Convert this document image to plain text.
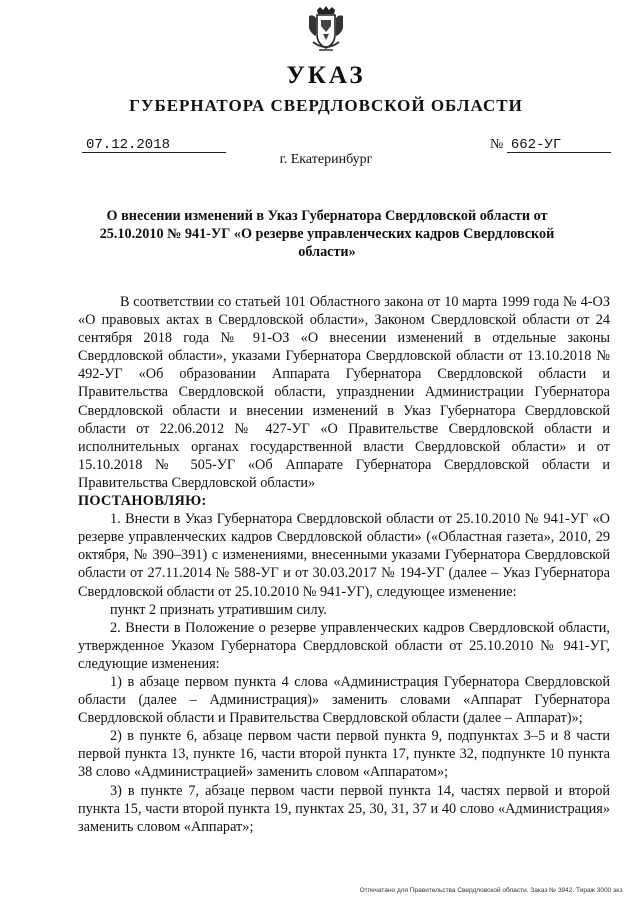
УКАЗ
ГУБЕРНАТОРА СВЕРДЛОВСКОЙ ОБЛАСТИ
07.12.2018	№ 662-УГ
г. Екатеринбург
О внесении изменений в Указ Губернатора Свердловской области от 25.10.2010 № 941-УГ «О резерве управленческих кадров Свердловской области»

В соответствии со статьей 101 Областного закона от 10 марта 1999 года № 4-ОЗ «О правовых актах в Свердловской области», Законом Свердловской области от 24 сентября 2018 года № 91-ОЗ «О внесении изменений в отдельные законы Свердловской области», указами Губернатора Свердловской области от 13.10.2018 № 492-УГ «Об образовании Аппарата Губернатора Свердловской области и Правительства Свердловской области, упразднении Администрации Губернатора Свердловской области и внесении изменений в Указ Губернатора Свердловской области от 22.06.2012 № 427-УГ «О Правительстве Свердловской области и исполнительных органах государственной власти Свердловской области» и от 15.10.2018 № 505-УГ «Об Аппарате Губернатора Свердловской области и Правительства Свердловской области»

ПОСТАНОВЛЯЮ:

1. Внести в Указ Губернатора Свердловской области от 25.10.2010 № 941-УГ «О резерве управленческих кадров Свердловской области» («Областная газета», 2010, 29 октября, № 390–391) с изменениями, внесенными указами Губернатора Свердловской области от 27.11.2014 № 588-УГ и от 30.03.2017 № 194-УГ (далее – Указ Губернатора Свердловской области от 25.10.2010 № 941-УГ), следующее изменение:

пункт 2 признать утратившим силу.

2. Внести в Положение о резерве управленческих кадров Свердловской области, утвержденное Указом Губернатора Свердловской области от 25.10.2010 № 941-УГ, следующие изменения:

1) в абзаце первом пункта 4 слова «Администрация Губернатора Свердловской области (далее – Администрация)» заменить словами «Аппарат Губернатора Свердловской области и Правительства Свердловской области (далее – Аппарат)»;

2) в пункте 6, абзаце первом части первой пункта 9, подпунктах 3–5 и 8 части первой пункта 13, пункте 16, части второй пункта 17, пункте 32, подпункте 10 пункта 38 слово «Администрацией» заменить словом «Аппаратом»;

3) в пункте 7, абзаце первом части первой пункта 14, частях первой и второй пункта 15, части второй пункта 19, пунктах 25, 30, 31, 37 и 40 слово «Администрация» заменить словом «Аппарат»;

Отпечатано для Правительства Свердловской области. Заказ № 3942. Тираж 3000 экз.
